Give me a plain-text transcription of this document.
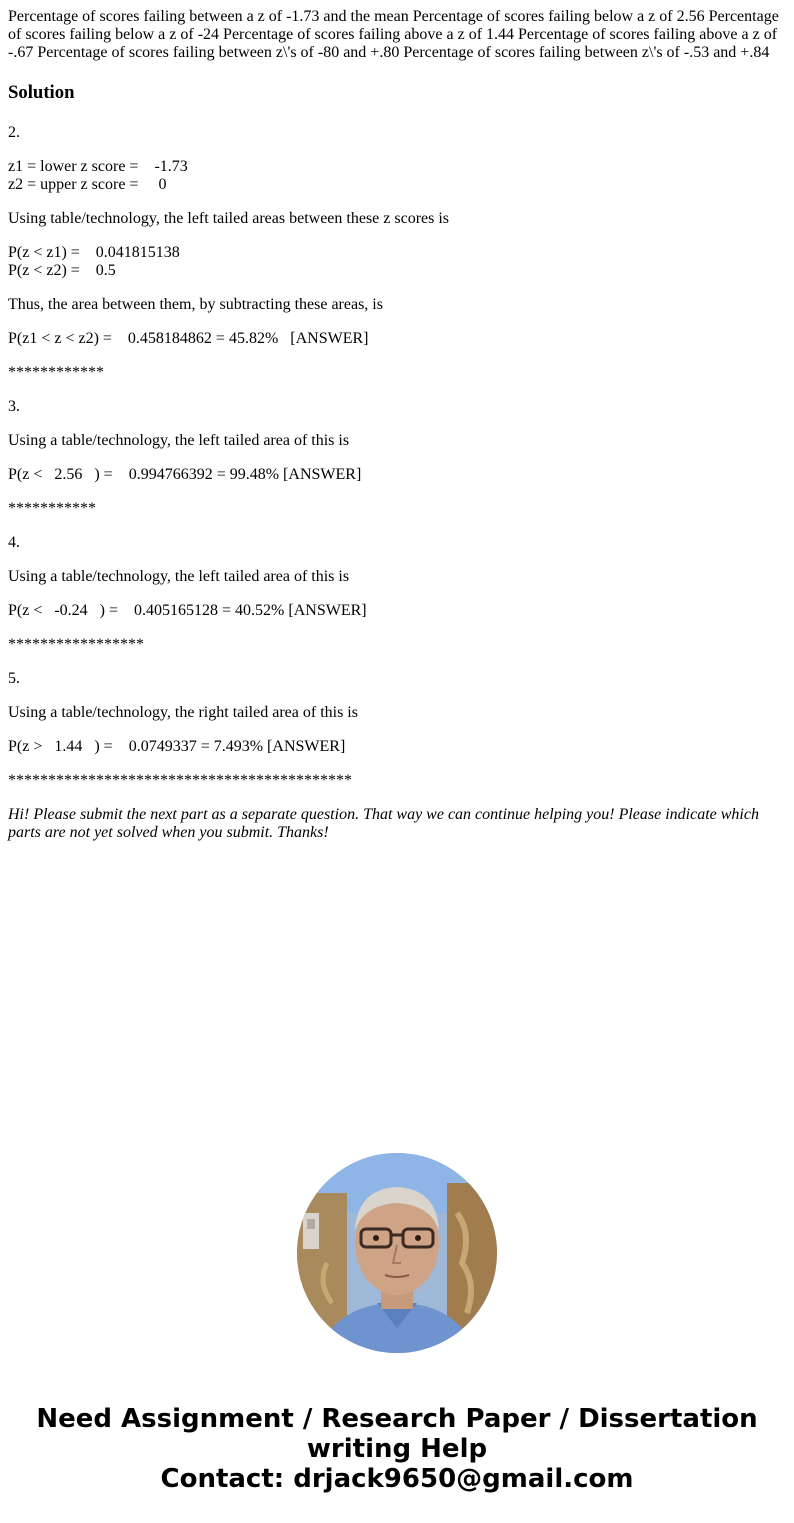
Percentage of scores failing between a z of -1.73 and the mean Percentage of scores failing below a z of 2.56 Percentage of scores failing below a z of -24 Percentage of scores failing above a z of 1.44 Percentage of scores failing above a z of -.67 Percentage of scores failing between z\'s of -80 and +.80 Percentage of scores failing between z\'s of -.53 and +.84
Solution

2.

z1 = lower z score =    -1.73
z2 = upper z score =     0

Using table/technology, the left tailed areas between these z scores is

P(z < z1) =    0.041815138
P(z < z2) =    0.5

Thus, the area between them, by subtracting these areas, is

P(z1 < z < z2) =    0.458184862 = 45.82%   [ANSWER]

************

3.

Using a table/technology, the left tailed area of this is

P(z <   2.56   ) =    0.994766392 = 99.48% [ANSWER]

***********

4.

Using a table/technology, the left tailed area of this is

P(z <   -0.24   ) =    0.405165128 = 40.52% [ANSWER]

*****************

5.

Using a table/technology, the right tailed area of this is

P(z >   1.44   ) =    0.0749337 = 7.493% [ANSWER]

*******************************************

Hi! Please submit the next part as a separate question. That way we can continue helping you! Please indicate which parts are not yet solved when you submit. Thanks!

Need Assignment / Research Paper / Dissertation
writing Help
Contact: drjack9650@gmail.com
